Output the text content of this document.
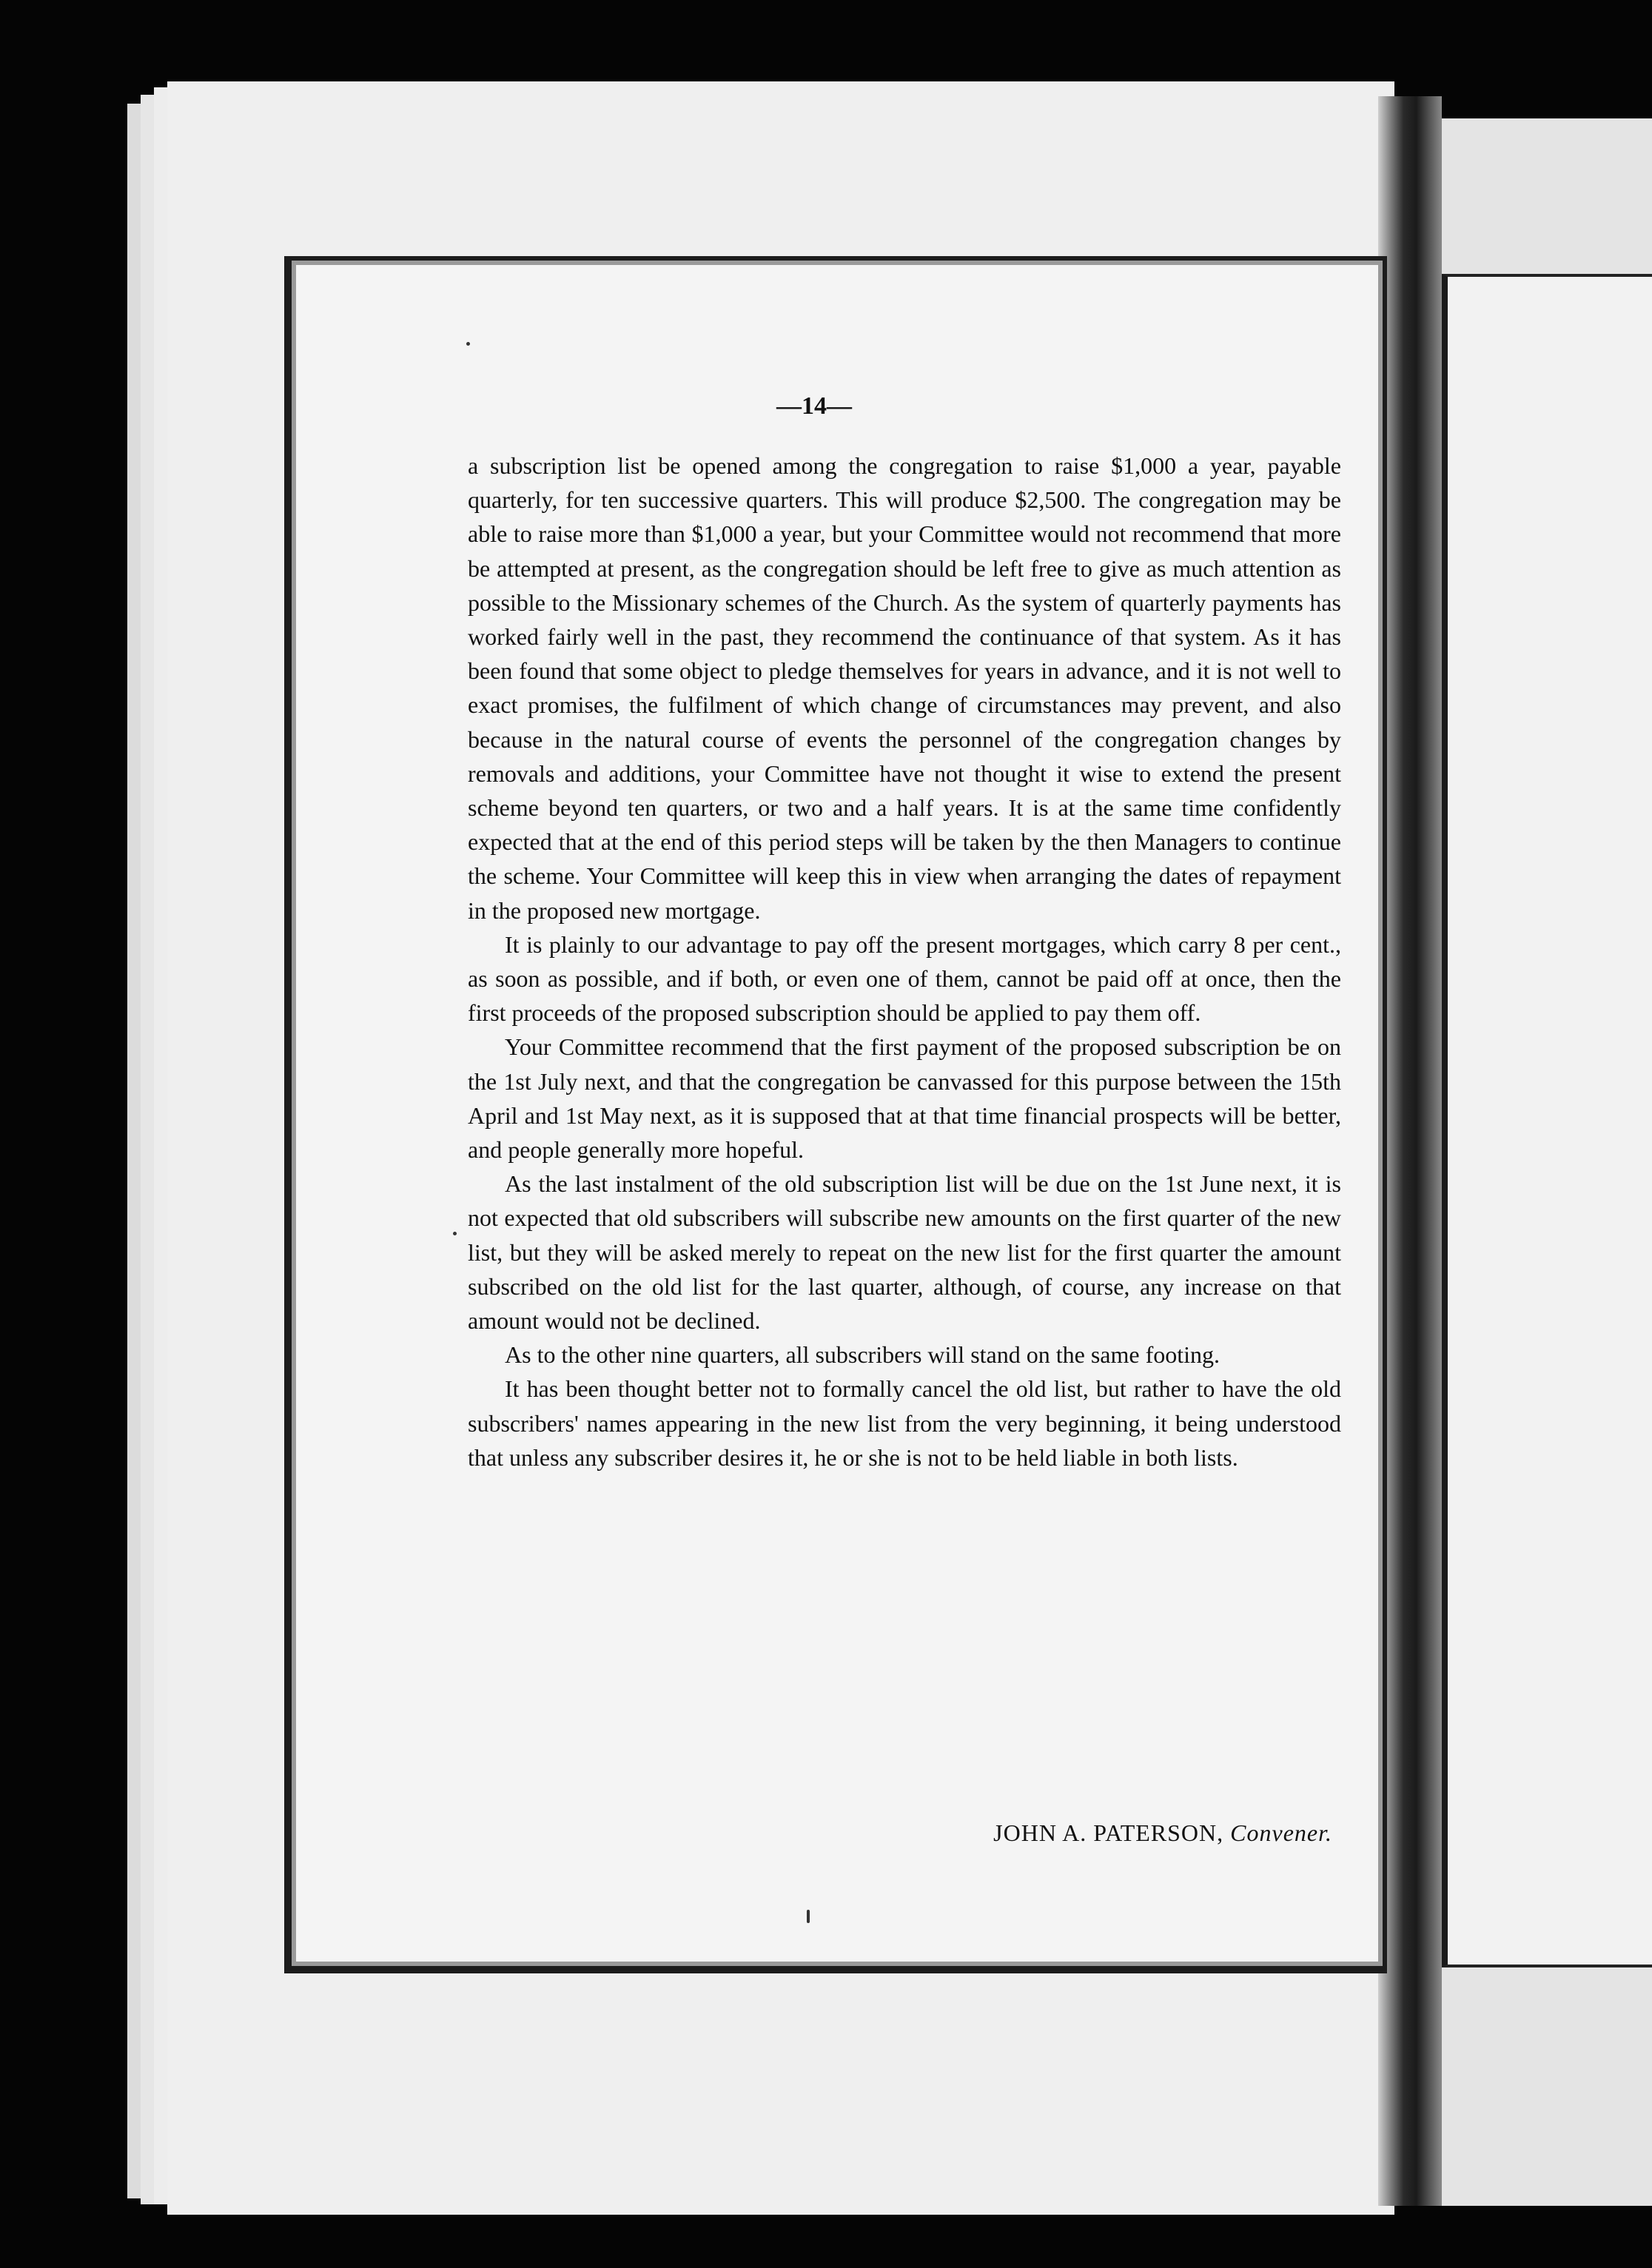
—14—

a subscription list be opened among the congregation to raise $1,000 a year, payable quarterly, for ten successive quarters. This will produce $2,500. The congregation may be able to raise more than $1,000 a year, but your Committee would not recommend that more be attempted at present, as the congregation should be left free to give as much attention as possible to the Missionary schemes of the Church. As the system of quarterly payments has worked fairly well in the past, they recommend the continuance of that system. As it has been found that some object to pledge themselves for years in advance, and it is not well to exact promises, the fulfilment of which change of circumstances may prevent, and also because in the natural course of events the personnel of the congregation changes by removals and additions, your Committee have not thought it wise to extend the present scheme beyond ten quarters, or two and a half years. It is at the same time confidently expected that at the end of this period steps will be taken by the then Managers to continue the scheme. Your Committee will keep this in view when arranging the dates of repayment in the proposed new mortgage.

It is plainly to our advantage to pay off the present mortgages, which carry 8 per cent., as soon as possible, and if both, or even one of them, cannot be paid off at once, then the first proceeds of the proposed subscription should be applied to pay them off.

Your Committee recommend that the first payment of the proposed subscription be on the 1st July next, and that the congregation be canvassed for this purpose between the 15th April and 1st May next, as it is supposed that at that time financial prospects will be better, and people generally more hopeful.

As the last instalment of the old subscription list will be due on the 1st June next, it is not expected that old subscribers will subscribe new amounts on the first quarter of the new list, but they will be asked merely to repeat on the new list for the first quarter the amount subscribed on the old list for the last quarter, although, of course, any increase on that amount would not be declined.

As to the other nine quarters, all subscribers will stand on the same footing.

It has been thought better not to formally cancel the old list, but rather to have the old subscribers' names appearing in the new list from the very beginning, it being understood that unless any subscriber desires it, he or she is not to be held liable in both lists.

JOHN A. PATERSON, Convener.
